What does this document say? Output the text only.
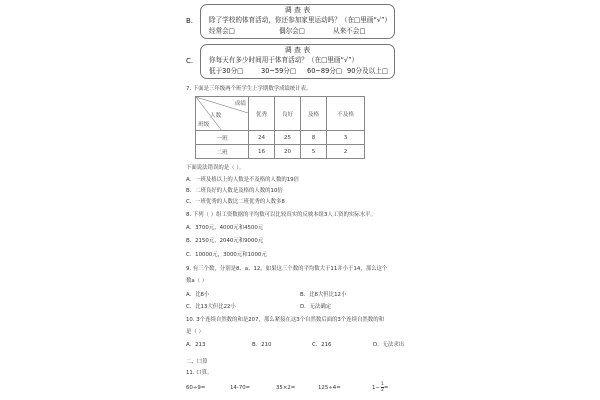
B.
调 查 表
除了学校的体育活动，你还参加家里运动吗？（在□里画“√”）
经常会□	偶尔会□	从来不会□
C.
调 查 表
你每天有多少时间用于体育活动？（在□里画“√”）
低于30分□	30~59分□ 60~89分□ 90分及以上□
7. 下面是三年级两个班学生上学期数学成绩统计表。
成绩
人数
班级	优秀	良好	及格	不及格
一班	24	25	8	3
二班	16	20	5	2
下面说法错误的是（ ）。
A．一班及格以上的人数是不及格的人数的19倍
B．二班良好的人数是及格的人数的10倍
C．一班优秀的人数比二班优秀的人数多8
8. 下列（ ）组工资数据的平均数可以比较真实的反映本组3人工资的实际水平。
A．3700元，4000元和4500元
B．2150元，2040元和9000元
C．10000元，3000元和1000元
9. 有三个数，分别是8、a、12。如果这三个数的平均数大于11并小于14，那么这个
数a（ ）
A．比8小	B．比8大但比12小
C．比13大但比22小	D．无法确定
10. 3个连续自然数的和是207，那么紧接在这3个自然数后面的3个连续自然数的和
是（ ）
A．213	B．210	C．216	D．无法求出
二、口算
11. 口算。
60÷9=	14-70=	35×2=	125÷4=	$1- \frac{1}{2}$ =
